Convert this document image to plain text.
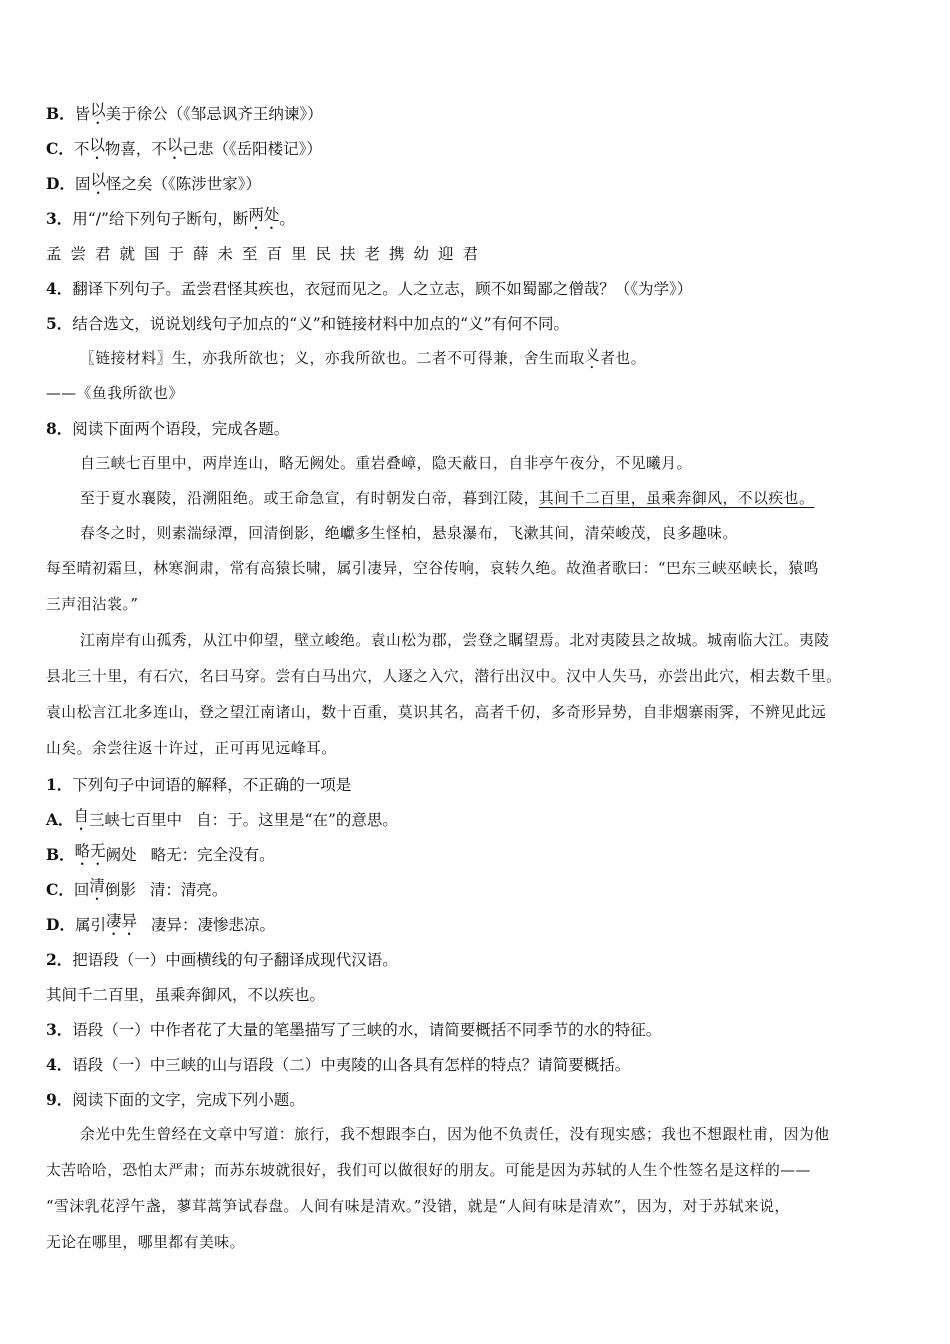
B． 皆 以 美于徐公（《邹忌讽齐王纳谏》）
C． 不 以 物喜，不 以 己悲（《岳阳楼记》）
D． 固 以 怪之矣（《陈涉世家》）
3． 用“/”给下列句子断句，断 两处 。
孟尝君就国于薛未至百里民扶老携幼迎君
4． 翻译下列句子。孟尝君怪其疾也，衣冠而见之。人之立志，顾不如蜀鄙之僧哉？（《为学》）
5． 结合选文，说说划线句子加点的“义”和链接材料中加点的“义”有何不同。
〖链接材料〗生，亦我所欲也；义，亦我所欲也。二者不可得兼，舍生而取 义 者也。
——《鱼我所欲也》
8． 阅读下面两个语段，完成各题。
自三峡七百里中，两岸连山，略无阙处。重岩叠嶂，隐天蔽日，自非亭午夜分，不见曦月。
至于夏水襄陵，沿溯阻绝。或王命急宣，有时朝发白帝，暮到江陵， 其间千二百里，虽乘奔御风，不以疾也。
春冬之时，则素湍绿潭，回清倒影，绝巘多生怪柏，悬泉瀑布，飞漱其间，清荣峻茂，良多趣味。
每至晴初霜旦，林寒涧肃，常有高猿长啸，属引凄异，空谷传响，哀转久绝。故渔者歌曰：“巴东三峡巫峡长，猿鸣
三声泪沾裳。”
江南岸有山孤秀，从江中仰望，壁立峻绝。袁山松为郡，尝登之瞩望焉。北对夷陵县之故城。城南临大江。夷陵
县北三十里，有石穴，名曰马穿。尝有白马出穴，人逐之入穴，潜行出汉中。汉中人失马，亦尝出此穴，相去数千里。
袁山松言江北多连山，登之望江南诸山，数十百重，莫识其名，高者千仞，多奇形异势，自非烟寨雨霁，不辨见此远
山矣。余尝往返十许过，正可再见远峰耳。
1． 下列句子中词语的解释，不正确的一项是
A． 自 三峡七百里中 自：于。这里是“在”的意思。
B． 略无 阙处 略无：完全没有。
C． 回 清 倒影 清：清亮。
D． 属引 凄异 凄异：凄惨悲凉。
2． 把语段（一）中画横线的句子翻译成现代汉语。
其间千二百里，虽乘奔御风，不以疾也。
3． 语段（一）中作者花了大量的笔墨描写了三峡的水，请简要概括不同季节的水的特征。
4． 语段（一）中三峡的山与语段（二）中夷陵的山各具有怎样的特点？请简要概括。
9． 阅读下面的文字，完成下列小题。
余光中先生曾经在文章中写道：旅行，我不想跟李白，因为他不负责任，没有现实感；我也不想跟杜甫，因为他
太苦哈哈，恐怕太严肃；而苏东坡就很好，我们可以做很好的朋友。可能是因为苏轼的人生个性签名是这样的——
“雪沫乳花浮午盏，蓼茸蒿笋试春盘。人间有味是清欢。”没错，就是“人间有味是清欢”，因为，对于苏轼来说，
无论在哪里，哪里都有美味。
